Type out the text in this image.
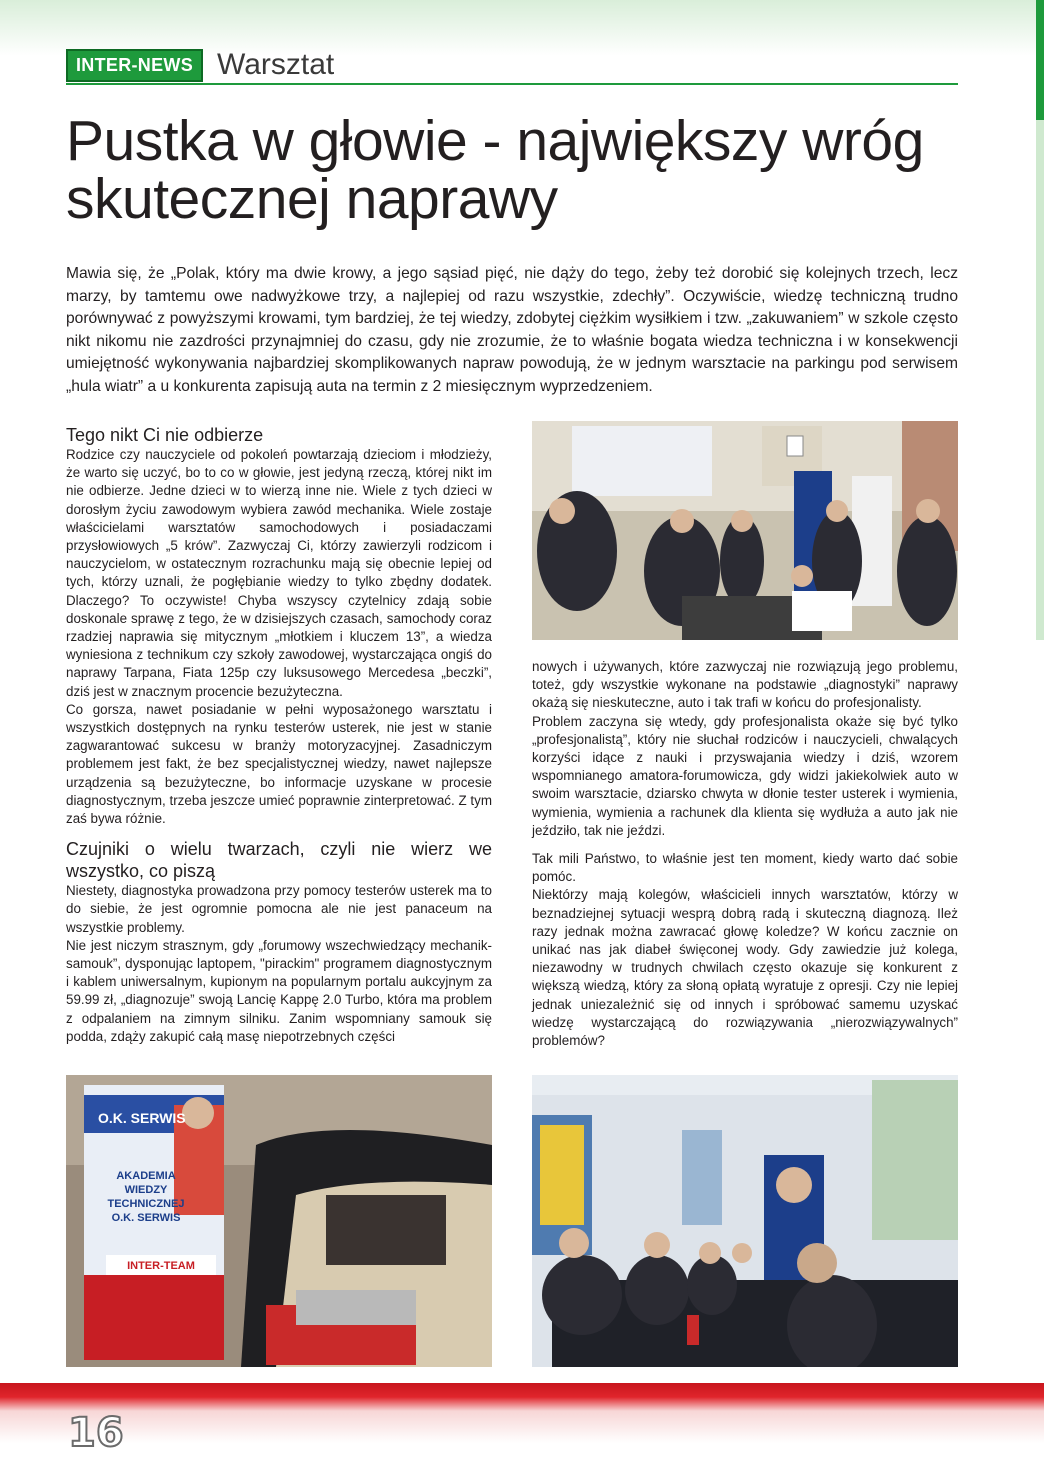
INTER-NEWS Warsztat
Pustka w głowie - największy wróg skutecznej naprawy

Mawia się, że „Polak, który ma dwie krowy, a jego sąsiad pięć, nie dąży do tego, żeby też dorobić się kolejnych trzech, lecz marzy, by tamtemu owe nadwyżkowe trzy, a najlepiej od razu wszystkie, zdechły”. Oczywiście, wiedzę techniczną trudno porównywać z powyższymi krowami, tym bardziej, że tej wiedzy, zdobytej ciężkim wysiłkiem i tzw. „zakuwaniem” w szkole często nikt nikomu nie zazdrości przynajmniej do czasu, gdy nie zrozumie, że to właśnie bogata wiedza techniczna i w konsekwencji umiejętność wykonywania najbardziej skomplikowanych napraw powodują, że w jednym warsztacie na parkingu pod serwisem „hula wiatr” a u konkurenta zapisują auta na termin z 2 miesięcznym wyprzedzeniem.

Tego nikt Ci nie odbierze

Rodzice czy nauczyciele od pokoleń powtarzają dzieciom i młodzieży, że warto się uczyć, bo to co w głowie, jest jedyną rzeczą, której nikt im nie odbierze. Jedne dzieci w to wierzą inne nie. Wiele z tych dzieci w dorosłym życiu zawodowym wybiera zawód mechanika. Wiele zostaje właścicielami warsztatów samochodowych i posiadaczami przysłowiowych „5 krów”. Zazwyczaj Ci, którzy zawierzyli rodzicom i nauczycielom, w ostatecznym rozrachunku mają się obecnie lepiej od tych, którzy uznali, że pogłębianie wiedzy to tylko zbędny dodatek. Dlaczego? To oczywiste! Chyba wszyscy czytelnicy zdają sobie doskonale sprawę z tego, że w dzisiejszych czasach, samochody coraz rzadziej naprawia się mitycznym „młotkiem i kluczem 13”, a wiedza wyniesiona z technikum czy szkoły zawodowej, wystarczająca ongiś do naprawy Tarpana, Fiata 125p czy luksusowego Mercedesa „beczki”, dziś jest w znacznym procencie bezużyteczna.

Co gorsza, nawet posiadanie w pełni wyposażonego warsztatu i wszystkich dostępnych na rynku testerów usterek, nie jest w stanie zagwarantować sukcesu w branży motoryzacyjnej. Zasadniczym problemem jest fakt, że bez specjalistycznej wiedzy, nawet najlepsze urządzenia są bezużyteczne, bo informacje uzyskane w procesie diagnostycznym, trzeba jeszcze umieć poprawnie zinterpretować. Z tym zaś bywa różnie.

Czujniki o wielu twarzach, czyli nie wierz we wszystko, co piszą

Niestety, diagnostyka prowadzona przy pomocy testerów usterek ma to do siebie, że jest ogromnie pomocna ale nie jest panaceum na wszystkie problemy.

Nie jest niczym strasznym, gdy „forumowy wszechwiedzący mechanik-samouk”, dysponując laptopem, "pirackim" programem diagnostycznym i kablem uniwersalnym, kupionym na popularnym portalu aukcyjnym za 59.99 zł, „diagnozuje” swoją Lancię Kappę 2.0 Turbo, która ma problem z odpalaniem na zimnym silniku. Zanim wspomniany samouk się podda, zdąży zakupić całą masę niepotrzebnych części

nowych i używanych, które zazwyczaj nie rozwiązują jego problemu, toteż, gdy wszystkie wykonane na podstawie „diagnostyki” naprawy okażą się nieskuteczne, auto i tak trafi w końcu do profesjonalisty.

Problem zaczyna się wtedy, gdy profesjonalista okaże się być tylko „profesjonalistą”, który nie słuchał rodziców i nauczycieli, chwalących korzyści idące z nauki i przyswajania wiedzy i dziś, wzorem wspomnianego amatora-forumowicza, gdy widzi jakiekolwiek auto w swoim warsztacie, dziarsko chwyta w dłonie tester usterek i wymienia, wymienia, wymienia a rachunek dla klienta się wydłuża a auto jak nie jeździło, tak nie jeździ.

Tak mili Państwo, to właśnie jest ten moment, kiedy warto dać sobie pomóc.

Niektórzy mają kolegów, właścicieli innych warsztatów, którzy w beznadziejnej sytuacji wesprą dobrą radą i skuteczną diagnozą. Ileż razy jednak można zawracać głowę koledze? W końcu zacznie on unikać nas jak diabeł święconej wody. Gdy zawiedzie już kolega, niezawodny w trudnych chwilach często okazuje się konkurent z większą wiedzą, który za słoną opłatą wyratuje z opresji. Czy nie lepiej jednak uniezależnić się od innych i spróbować samemu uzyskać wiedzę wystarczającą do rozwiązywania „nierozwiązywalnych” problemów?

O.K. SERWIS
AKADEMIA
WIEDZY
TECHNICZNEJ
O.K. SERWIS
INTER-TEAM
16
